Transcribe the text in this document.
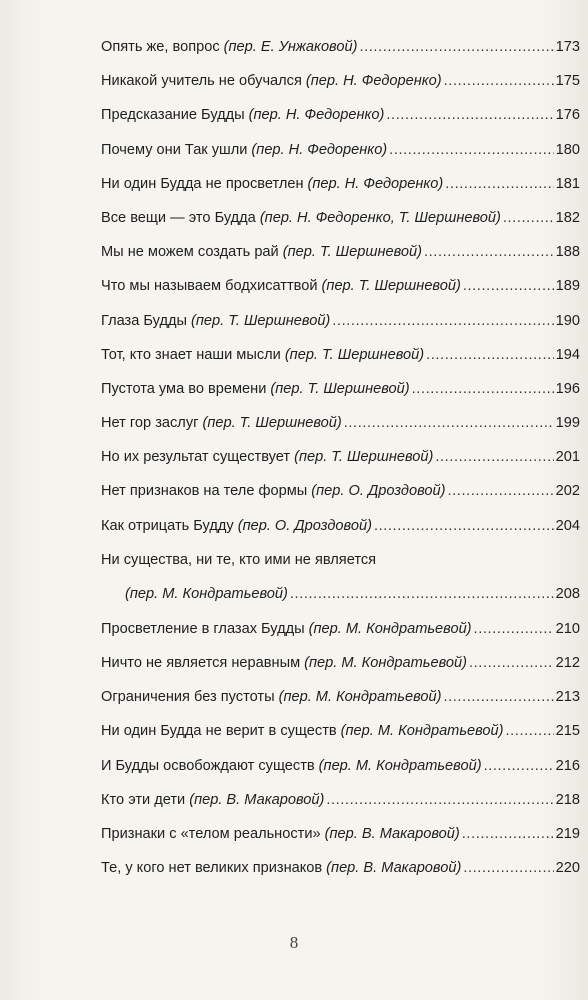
Опять же, вопрос (пер. Е. Унжаковой) .....	173
Никакой учитель не обучался (пер. Н. Федоренко) .....	175
Предсказание Будды (пер. Н. Федоренко) .....	176
Почему они Так ушли (пер. Н. Федоренко) .....	180
Ни один Будда не просветлен (пер. Н. Федоренко) .....	181
Все вещи — это Будда (пер. Н. Федоренко, Т. Шершневой) .....	182
Мы не можем создать рай (пер. Т. Шершневой) .....	188
Что мы называем бодхисаттвой (пер. Т. Шершневой) .....	189
Глаза Будды (пер. Т. Шершневой) .....	190
Тот, кто знает наши мысли (пер. Т. Шершневой) .....	194
Пустота ума во времени (пер. Т. Шершневой) .....	196
Нет гор заслуг (пер. Т. Шершневой) .....	199
Но их результат существует (пер. Т. Шершневой) .....	201
Нет признаков на теле формы (пер. О. Дроздовой) .....	202
Как отрицать Будду (пер. О. Дроздовой) .....	204
Ни существа, ни те, кто ими не является
(пер. М. Кондратьевой) .....	208
Просветление в глазах Будды (пер. М. Кондратьевой) .....	210
Ничто не является неравным (пер. М. Кондратьевой) .....	212
Ограничения без пустоты (пер. М. Кондратьевой) .....	213
Ни один Будда не верит в существ (пер. М. Кондратьевой) .....	215
И Будды освобождают существ (пер. М. Кондратьевой) .....	216
Кто эти дети (пер. В. Макаровой) .....	218
Признаки с «телом реальности» (пер. В. Макаровой) .....	219
Те, у кого нет великих признаков (пер. В. Макаровой) .....	220
8
